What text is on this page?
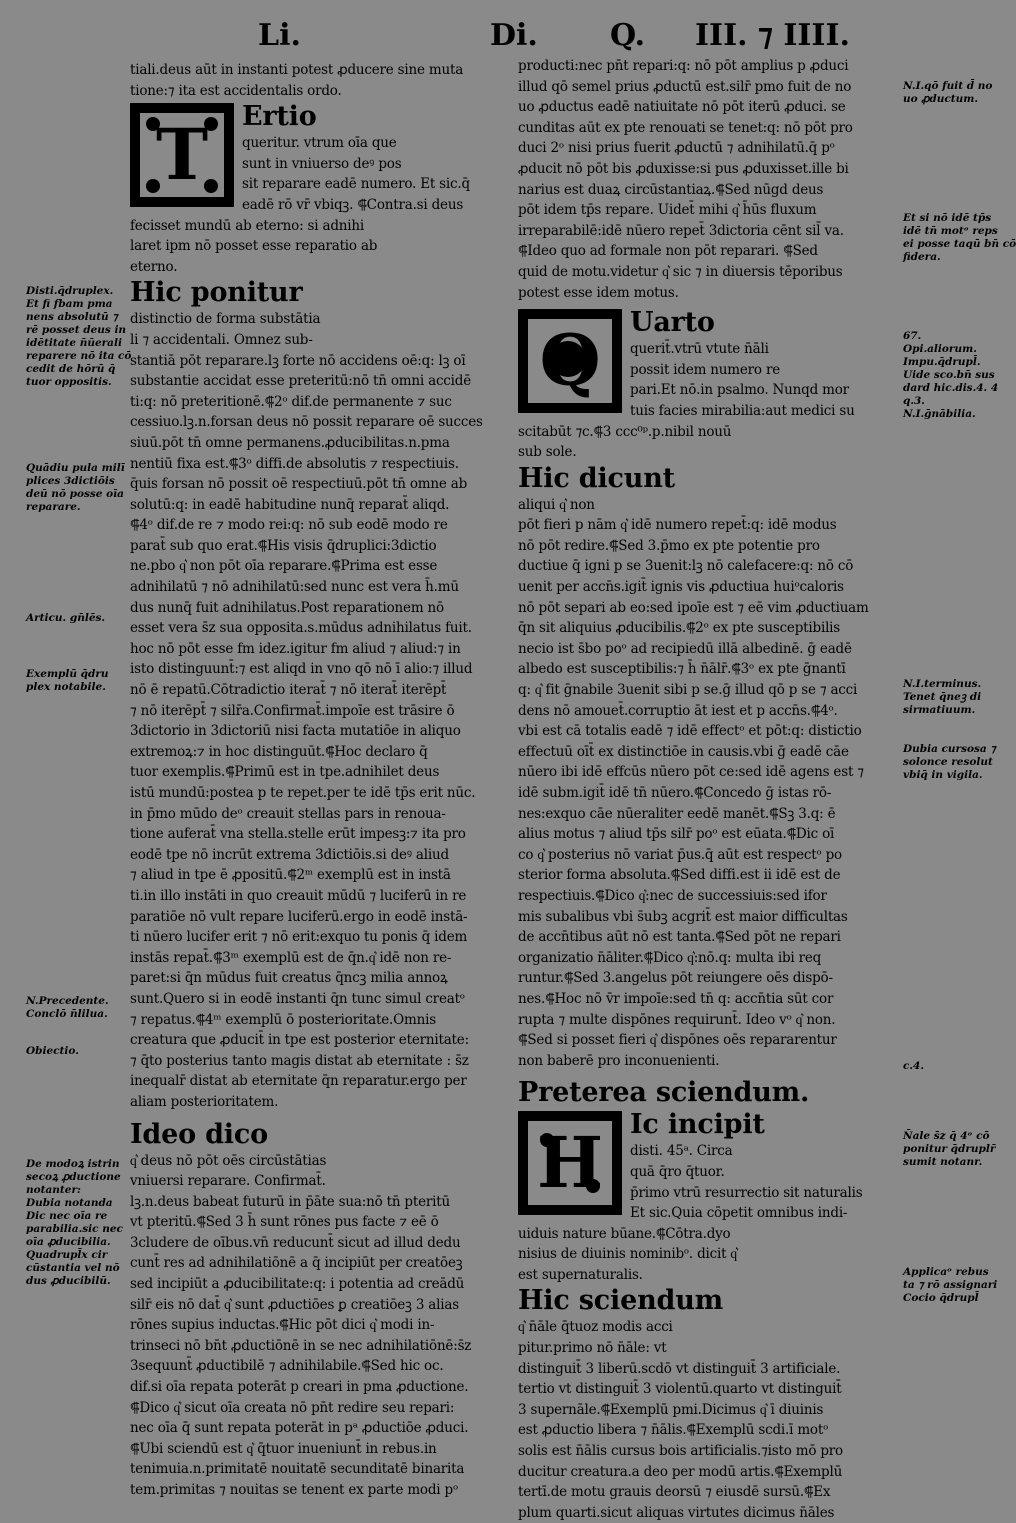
Li.	Di. Q. III. ⁊ IIII.
tiali.deus aūt in instanti potest ꝓducere sine muta
tione:⁊ ita est accidentalis ordo.
T	Ertio
queritur. vtrum oīa que
sunt in vniuerso deꝰ pos
sit reparare eadē numero. Et sic.q̄
eadē rō vr̄ vbiqꝫ. ⸿Contra.si deus
fecisset mundū ab eterno: si adnihi
laret ipm nō posset esse reparatio ab
eterno.
Hic ponitur
distinctio de forma substātia
li ⁊ accidentali. Omnez sub-
stantiā pōt reparare.lꝫ forte nō accidens oē:q: lꝫ oī
substantie accidat esse preteritū:nō tn̄ omni accidē
ti:q: nō preteritionē.⸿2ᵒ dif.de permanente ⁊ suc
cessiuo.lꝫ.n.forsan deus nō possit reparare oē succes
siuū.pōt tn̄ omne permanens.ꝓducibilitas.n.pma
nentiū fixa est.⸿3ᵒ diffi.de absolutis ⁊ respectiuis.
q̄uis forsan nō possit oē respectiuū.pōt tn̄ omne ab
solutū:q: in eadē habitudine nunq̄ reparat̄ aliqd.
⸿4ᵒ dif.de re ⁊ modo rei:q: nō sub eodē modo re
parat̄ sub quo erat.⸿His visis q̄druplici:3dictio
ne.pbo q͛ non pōt oīa reparare.⸿Prima est esse
adnihilatū ⁊ nō adnihilatū:sed nunc est vera h̄.mū
dus nunq̄ fuit adnihilatus.Post reparationem nō
esset vera s̄z sua opposita.s.mūdus adnihilatus fuit.
hoc nō pōt esse fm idez.igitur fm aliud ⁊ aliud:⁊ in
isto distinguunt̄:⁊ est aliqd in vno qō nō ī alio:⁊ illud
nō ē repatū.Cōtradictio iterat̄ ⁊ nō iterat̄ iterēpt̄
⁊ nō iterēpt̄ ⁊ silr̄a.Confirmat̄.impoīe est trāsire ō
3dictorio in 3dictoriū nisi facta mutatiōe in aliquo
extremoꝝ:⁊ in hoc distinguūt.⸿Hoc declaro q̄
tuor exemplis.⸿Primū est in tpe.adnihilet deus
istū mundū:postea p te repet.per te idē tp̄s erit nūc.
in p̄mo mūdo deᵒ creauit stellas pars in renoua-
tione auferat̄ vna stella.stelle erūt impesꝫ:⁊ ita pro
eodē tpe nō incrūt extrema 3dictiōis.si deꝰ aliud
⁊ aliud in tpe ē ꝓpositū.⸿2ᵐ exemplū est in instā
ti.in illo instāti in quo creauit mūdū ⁊ luciferū in re
paratiōe nō vult repare luciferū.ergo in eodē instā-
ti nūero lucifer erit ⁊ nō erit:exquo tu ponis q̄ idem
instās repat̄.⸿3ᵐ exemplū est de q̄n.q͛ idē non re-
paret:si q̄n mūdus fuit creatus q̄ncꝫ milia annoꝝ
sunt.Quero si in eodē instanti q̄n tunc simul creatᵒ
⁊ repatus.⸿4ᵐ exemplū ō posterioritate.Omnis
creatura que ꝓducit̄ in tpe est posterior eternitate:
⁊ q̄to posterius tanto magis distat ab eternitate : s̄z
inequalr̄ distat ab eternitate q̄n reparatur.ergo per
aliam posterioritatem.
Ideo dico
q͛ deus nō pōt oēs circūstātias
vniuersi reparare. Confirmat̄.
lꝫ.n.deus babeat futurū in p̄āte sua:nō tn̄ pteritū
vt pteritū.⸿Sed 3 h̄ sunt rōnes pus facte ⁊ eē ō
3cludere de oībus.vn̄ reducunt̄ sicut ad illud dedu
cunt̄ res ad adnihilatiōnē a q̄ incipiūt per creatōeꝫ
sed incipiūt a ꝓducibilitate:q: i potentia ad creādū
silr̄ eis nō dat̄ q͛ sunt ꝓductiōes ꝑ creatiōeꝫ 3 alias
rōnes supius inductas.⸿Hic pōt dici q͛ modi in-
trinseci nō bn̄t ꝓductiōnē in se nec adnihilatiōnē:s̄z
3sequunt̄ ꝓductibilē ⁊ adnihilabile.⸿Sed hic oc.
dif.si oīa repata poterāt p creari in pma ꝓductione.
⸿Dico q͛ sicut oīa creata nō pn̄t redire seu repari:
nec oīa q̄ sunt repata poterāt in pᵃ ꝓductiōe ꝓduci.
⸿Ubi sciendū est q͛ q̄tuor inueniunt̄ in rebus.in
tenimuia.n.primitatē nouitatē secunditatē binarita
tem.primitas ⁊ nouitas se tenent ex parte modi pᵒ
producti:nec pn̄t repari:q: nō pōt amplius p ꝓduci
illud qō semel prius ꝓductū est.silr̄ pmo fuit de no
uo ꝓductus eadē natiuitate nō pōt iterū ꝓduci. se
cunditas aūt ex pte renouati se tenet:q: nō pōt pro
duci 2ᵒ nisi prius fuerit ꝓductū ⁊ adnihilatū.q̄ pᵒ
ꝓducit nō pōt bis ꝓduxisse:si pus ꝓduxisset.ille bi
narius est duaꝝ circūstantiaꝝ.⸿Sed nūgd deus
pōt idem tp̄s repare. Uidet̄ mihi q͛ h̄ūs fluxum
irreparabilē:idē nūero repet̄ 3dictoria cēnt sil̄ va.
⸿Ideo quo ad formale non pōt reparari. ⸿Sed
quid de motu.videtur q͛ sic ⁊ in diuersis tēporibus
potest esse idem motus.
Q	Uarto
querit̄.vtrū vtute n̄āli
possit idem numero re
pari.Et nō.in psalmo. Nunqd mor
tuis facies mirabilia:aut medici su
scitabūt ⁊c.⸿3 ccc⁰ᵖ.p.nibil nouū
sub sole.
Hic dicunt
aliqui q͛ non
pōt fieri p nām q͛ idē numero repet̄:q: idē modus
nō pōt redire.⸿Sed 3.p̄mo ex pte potentie pro
ductiue q̄ igni p se 3uenit:lꝫ nō calefacere:q: nō cō
uenit per accn̄s.igit̄ ignis vis ꝓductiua huiᵒcaloris
nō pōt separi ab eo:sed ipoīe est ⁊ eē vim ꝓductiuam
q̄n sit aliquius ꝓducibilis.⸿2ᵒ ex pte susceptibilis
necio ist s̄bo poᵒ ad recipiedū illā albedinē. ḡ eadē
albedo est susceptibilis:⁊ h̄ n̄ālr̄.⸿3ᵒ ex pte ḡnantī
q: q͛ fit ḡnabile 3uenit sibi p se.ḡ illud qō p se ⁊ acci
dens nō amouet̄.corruptio āt iest et p accn̄s.⸿4ᵒ.
vbi est cā totalis eadē ⁊ idē effectᵒ et pōt:q: distictio
effectuū oīt̄ ex distinctiōe in causis.vbi ḡ eadē cāe
nūero ibi idē effcūs nūero pōt ce:sed idē agens est ⁊
idē subm.igit̄ idē tn̄ nūero.⸿Concedo ḡ istas rō-
nes:exquo cāe nūeraliter eedē manēt.⸿Sꝫ 3.q: ē
alius motus ⁊ aliud tp̄s silr̄ poᵒ est eūata.⸿Dic oī
co q͛ posterius nō variat p̄us.q̄ aūt est respectᵒ po
sterior forma absoluta.⸿Sed diffi.est ii idē est de
respectiuis.⸿Dico q͛:nec de successiuis:sed ifor
mis subalibus vbi s̄ubꝫ acgrit̄ est maior difficultas
de accn̄tibus aūt nō est tanta.⸿Sed pōt ne repari
organizatio n̄āliter.⸿Dico q͛:nō.q: multa ibi req
runtur.⸿Sed 3.angelus pōt reiungere oēs dispō-
nes.⸿Hoc nō v̄r impoīe:sed tn̄ q: accn̄tia sūt cor
rupta ⁊ multe dispōnes requirunt̄. Ideo vᵒ q͛ non.
⸿Sed si posset fieri q͛ dispōnes oēs repararentur
non baberē pro inconuenienti.
Preterea sciendum.
H	Ic incipit
disti. 45ᵃ. Circa
quā q̄ro q̄tuor.
p̄rimo vtrū resurrectio sit naturalis
Et sic.Quia cōpetit omnibus indi-
uiduis nature būane.⸿Cōtra.dyo
nisius de diuinis nominibᵒ. dicit q͛
est supernaturalis.
Hic sciendum
q͛ n̄āle q̄tuoz modis acci
pitur.primo nō n̄āle: vt
distinguit̄ 3 liberū.scdō vt distinguit̄ 3 artificiale.
tertio vt distinguit̄ 3 violentū.quarto vt distinguit̄
3 supernāle.⸿Exemplū pmi.Dicimus q͛ ī diuinis
est ꝓductio libera ⁊ n̄ālis.⸿Exemplū scdi.ī motᵒ
solis est n̄ālis cursus bois artificialis.⁊isto mō pro
ducitur creatura.a deo per modū artis.⸿Exemplū
tertī.de motu grauis deorsū ⁊ eiusdē sursū.⸿Ex
plum quarti.sicut aliquas virtutes dicimus n̄āles
Disti.q̄druplex.
Et fi fbam pma
nens absolutū ⁊
rē posset deus in
idētitate n̄ūerali
reparere nō ita cō
cedit de hōrū q̄
tuor oppositis.
Quādiu pula milī
plices 3dictiōis
deū nō posse oīa
reparare.
Articu. gn̄lēs.
Exemplū q̄dru
plex notabile.
N.Precedente.
Conclō n̄lilua.
Obiectio.
De modoꝝ istrin
secoꝝ ꝓductione
notanter:
Dubia notanda
Dic nec oīa re
parabilia.sic nec
oīa ꝓducibilia.
Quadrupl̄x cir
cūstantia vel nō
dus ꝓducibilū.
N.I.qō fuit d̄ no
uo ꝓductum.
Et si nō idē tp̄s
idē tn̄ motᵒ reps
ei posse taqū bn̄ cō
fidera.
67.
Opi.aliorum.
Impu.q̄drupl̄.
Uide sco.bn̄ sus
dard hic.dis.4. 4
q.3.
N.I.ḡnābilia.
N.I.terminus.
Tenet q̄neꝫ di
sirmatiuum.
Dubia cursosa ⁊
solonce resolut
vbiq̄ in vigila.
c.4.
N̄ale s̄z q̄ 4ᵒ cō
ponitur q̄druplr̄
sumit notanr.
Applicaᵒ rebus
ta ⁊ rō assignari
Cocio q̄drupl̄
